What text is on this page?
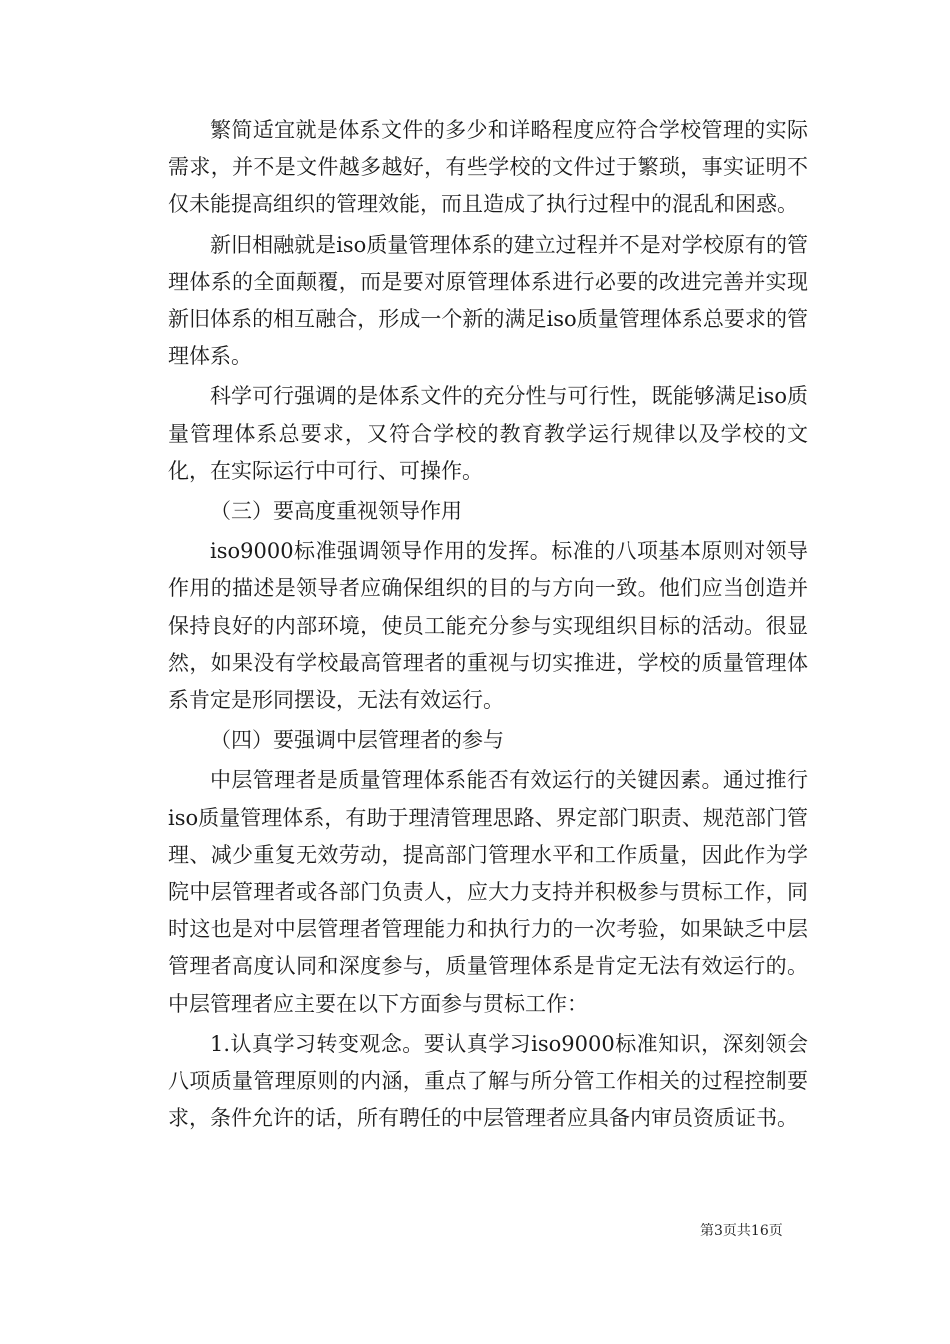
繁简适宜就是体系文件的多少和详略程度应符合学校管理的实际需求，并不是文件越多越好，有些学校的文件过于繁琐，事实证明不仅未能提高组织的管理效能，而且造成了执行过程中的混乱和困惑。

新旧相融就是iso质量管理体系的建立过程并不是对学校原有的管理体系的全面颠覆，而是要对原管理体系进行必要的改进完善并实现新旧体系的相互融合，形成一个新的满足iso质量管理体系总要求的管理体系。

科学可行强调的是体系文件的充分性与可行性，既能够满足iso质量管理体系总要求，又符合学校的教育教学运行规律以及学校的文化，在实际运行中可行、可操作。

（三）要高度重视领导作用

iso9000标准强调领导作用的发挥。标准的八项基本原则对领导作用的描述是领导者应确保组织的目的与方向一致。他们应当创造并保持良好的内部环境，使员工能充分参与实现组织目标的活动。很显然，如果没有学校最高管理者的重视与切实推进，学校的质量管理体系肯定是形同摆设，无法有效运行。

（四）要强调中层管理者的参与

中层管理者是质量管理体系能否有效运行的关键因素。通过推行iso质量管理体系，有助于理清管理思路、界定部门职责、规范部门管理、减少重复无效劳动，提高部门管理水平和工作质量，因此作为学院中层管理者或各部门负责人，应大力支持并积极参与贯标工作，同时这也是对中层管理者管理能力和执行力的一次考验，如果缺乏中层管理者高度认同和深度参与，质量管理体系是肯定无法有效运行的。中层管理者应主要在以下方面参与贯标工作：

1.认真学习转变观念。要认真学习iso9000标准知识，深刻领会八项质量管理原则的内涵，重点了解与所分管工作相关的过程控制要求，条件允许的话，所有聘任的中层管理者应具备内审员资质证书。

第3页共16页
